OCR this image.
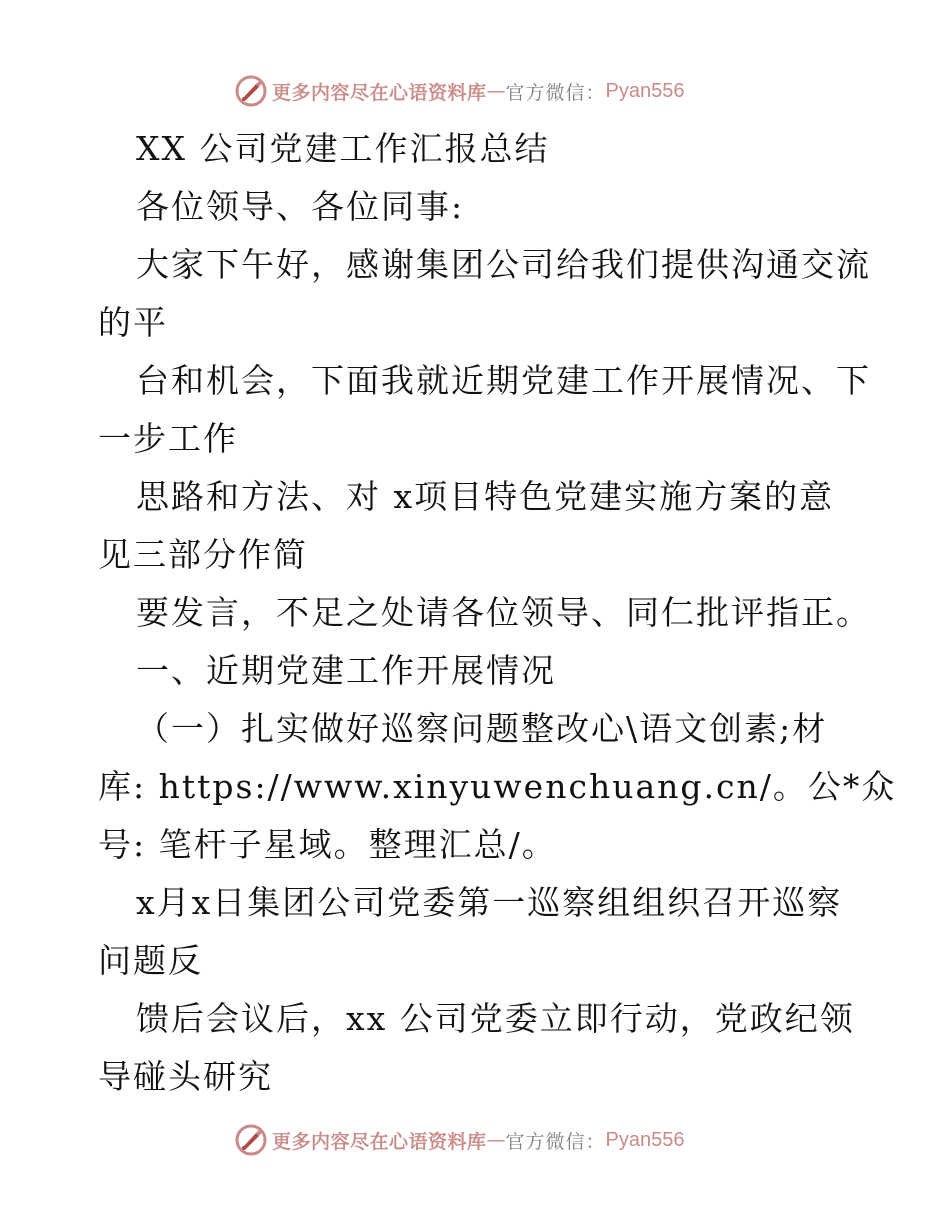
更多内容尽在心语资料库 — 官方微信： Pyan556
XX 公司党建工作汇报总结
各位领导、各位同事:
大家下午好，感谢集团公司给我们提供沟通交流
的平
台和机会，下面我就近期党建工作开展情况、下
一步工作
思路和方法、对 x项目特色党建实施方案的意
见三部分作简
要发言，不足之处请各位领导、同仁批评指正。
一、近期党建工作开展情况
（一）扎实做好巡察问题整改心\语文创素;材
库: https://www.xinyuwenchuang.cn/。公*众
号: 笔杆子星域。整理汇总/。
x月x日集团公司党委第一巡察组组织召开巡察
问题反
馈后会议后，xx 公司党委立即行动，党政纪领
导碰头研究
更多内容尽在心语资料库 — 官方微信： Pyan556
